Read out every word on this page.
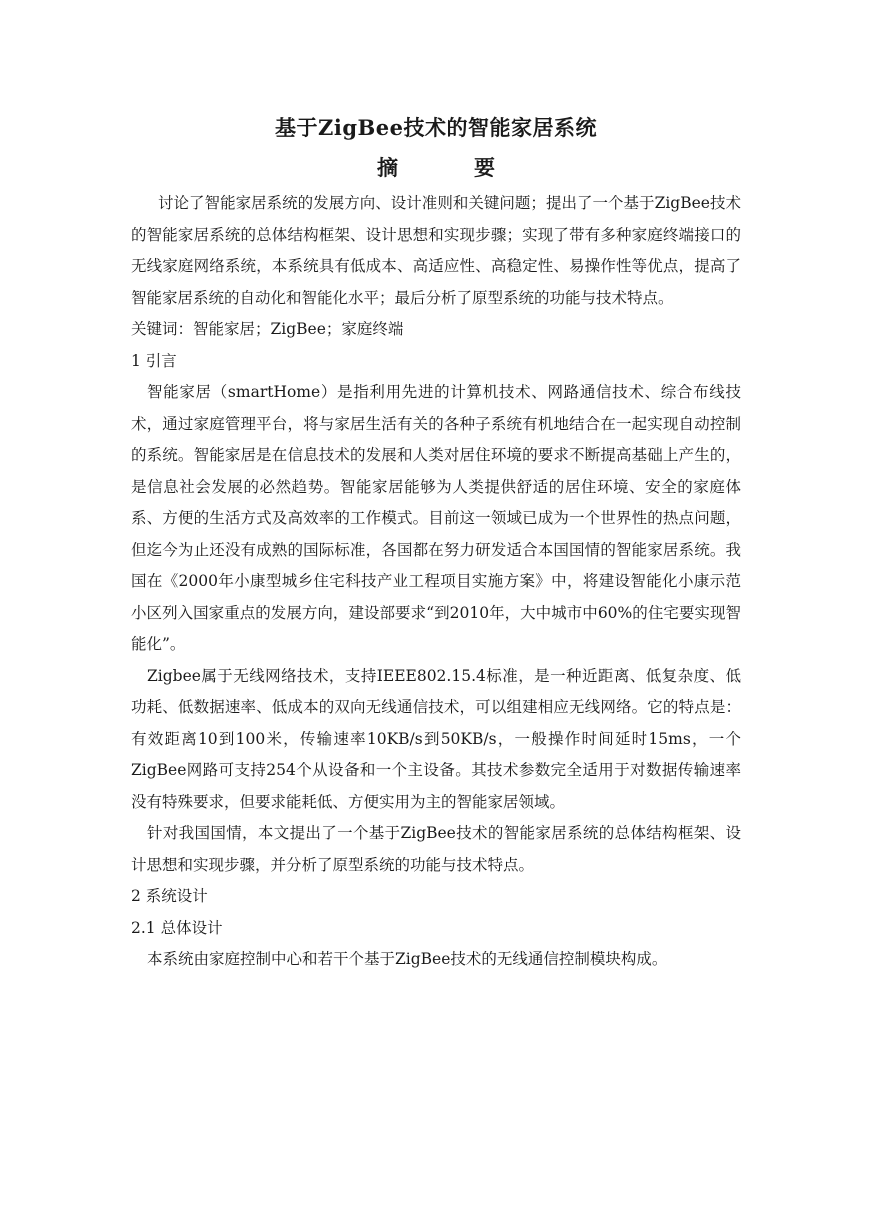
基于ZigBee技术的智能家居系统
摘	要

讨论了智能家居系统的发展方向、设计准则和关键问题；提出了一个基于ZigBee技术的智能家居系统的总体结构框架、设计思想和实现步骤；实现了带有多种家庭终端接口的无线家庭网络系统，本系统具有低成本、高适应性、高稳定性、易操作性等优点，提高了智能家居系统的自动化和智能化水平；最后分析了原型系统的功能与技术特点。

关键词：智能家居；ZigBee；家庭终端

1 引言

智能家居（smartHome）是指利用先进的计算机技术、网路通信技术、综合布线技术，通过家庭管理平台，将与家居生活有关的各种子系统有机地结合在一起实现自动控制的系统。智能家居是在信息技术的发展和人类对居住环境的要求不断提高基础上产生的，是信息社会发展的必然趋势。智能家居能够为人类提供舒适的居住环境、安全的家庭体系、方便的生活方式及高效率的工作模式。目前这一领域已成为一个世界性的热点问题，但迄今为止还没有成熟的国际标准，各国都在努力研发适合本国国情的智能家居系统。我国在《2000年小康型城乡住宅科技产业工程项目实施方案》中，将建设智能化小康示范小区列入国家重点的发展方向，建设部要求“到2010年，大中城市中60%的住宅要实现智能化”。

Zigbee属于无线网络技术，支持IEEE802.15.4标准，是一种近距离、低复杂度、低功耗、低数据速率、低成本的双向无线通信技术，可以组建相应无线网络。它的特点是：有效距离10到100米，传输速率10KB/s到50KB/s，一般操作时间延时15ms，一个ZigBee网路可支持254个从设备和一个主设备。其技术参数完全适用于对数据传输速率没有特殊要求，但要求能耗低、方便实用为主的智能家居领域。

针对我国国情，本文提出了一个基于ZigBee技术的智能家居系统的总体结构框架、设计思想和实现步骤，并分析了原型系统的功能与技术特点。

2 系统设计

2.1 总体设计

本系统由家庭控制中心和若干个基于ZigBee技术的无线通信控制模块构成。
